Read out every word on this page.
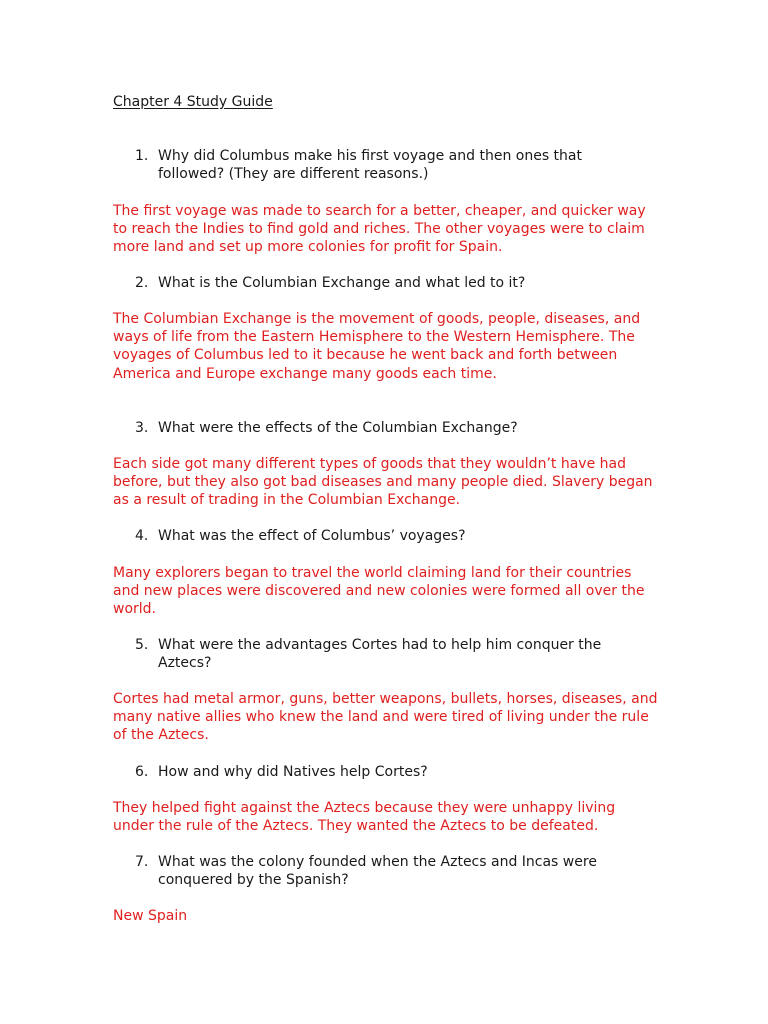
Chapter 4 Study Guide
1. Why did Columbus make his first voyage and then ones that followed? (They are different reasons.)
The first voyage was made to search for a better, cheaper, and quicker way to reach the Indies to find gold and riches. The other voyages were to claim more land and set up more colonies for profit for Spain.
2. What is the Columbian Exchange and what led to it?
The Columbian Exchange is the movement of goods, people, diseases, and ways of life from the Eastern Hemisphere to the Western Hemisphere. The voyages of Columbus led to it because he went back and forth between America and Europe exchange many goods each time.
3. What were the effects of the Columbian Exchange?
Each side got many different types of goods that they wouldn’t have had before, but they also got bad diseases and many people died. Slavery began as a result of trading in the Columbian Exchange.
4. What was the effect of Columbus’ voyages?
Many explorers began to travel the world claiming land for their countries and new places were discovered and new colonies were formed all over the world.
5. What were the advantages Cortes had to help him conquer the Aztecs?
Cortes had metal armor, guns, better weapons, bullets, horses, diseases, and many native allies who knew the land and were tired of living under the rule of the Aztecs.
6. How and why did Natives help Cortes?
They helped fight against the Aztecs because they were unhappy living under the rule of the Aztecs. They wanted the Aztecs to be defeated.
7. What was the colony founded when the Aztecs and Incas were conquered by the Spanish?
New Spain
